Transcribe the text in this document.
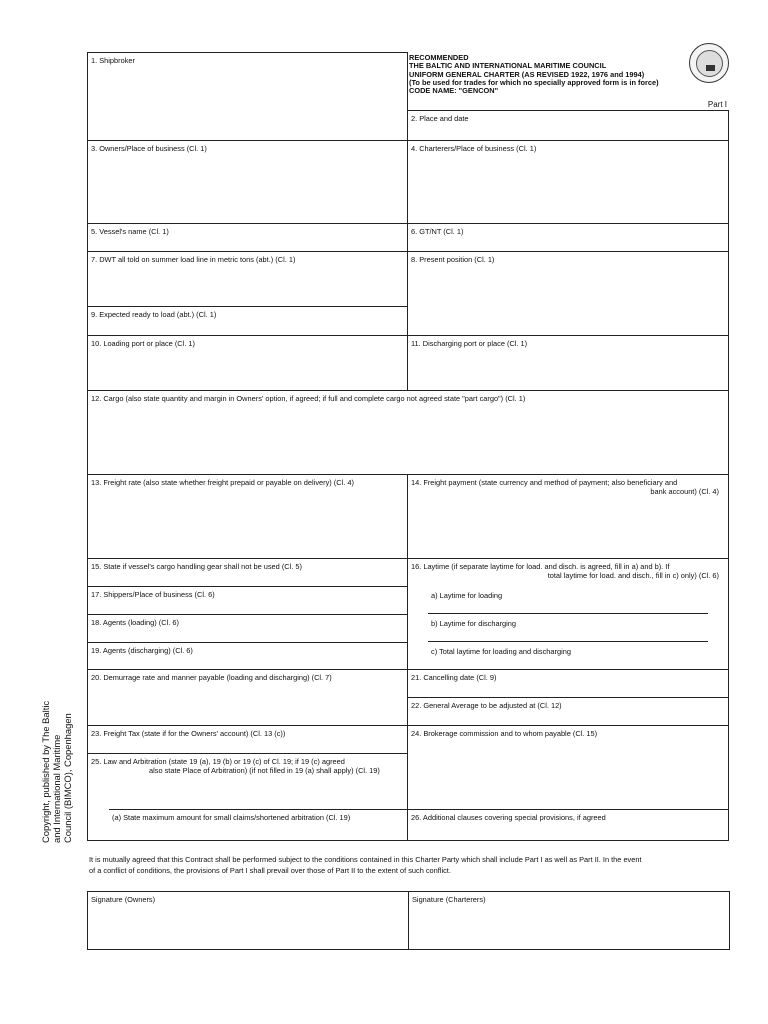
RECOMMENDED
THE BALTIC AND INTERNATIONAL MARITIME COUNCIL
UNIFORM GENERAL CHARTER (AS REVISED 1922, 1976 and 1994)
(To be used for trades for which no specially approved form is in force)
CODE NAME: "GENCON"
Part I
1. Shipbroker
2. Place and date
3. Owners/Place of business (Cl. 1)	4. Charterers/Place of business (Cl. 1)
5. Vessel's name (Cl. 1)	6. GT/NT (Cl. 1)
7. DWT all told on summer load line in metric tons (abt.) (Cl. 1)	8. Present position (Cl. 1)
9. Expected ready to load (abt.) (Cl. 1)
10. Loading port or place (Cl. 1)	11. Discharging port or place (Cl. 1)
12. Cargo (also state quantity and margin in Owners' option, if agreed; if full and complete cargo not agreed state "part cargo") (Cl. 1)
13. Freight rate (also state whether freight prepaid or payable on delivery) (Cl. 4)	14. Freight payment (state currency and method of payment; also beneficiary and
bank account) (Cl. 4)
15. State if vessel's cargo handling gear shall not be used (Cl. 5)	16. Laytime (if separate laytime for load. and disch. is agreed, fill in a) and b). If
total laytime for load. and disch., fill in c) only) (Cl. 6)
a) Laytime for loading
b) Laytime for discharging
c) Total laytime for loading and discharging
17. Shippers/Place of business (Cl. 6)
18. Agents (loading) (Cl. 6)
19. Agents (discharging) (Cl. 6)
20. Demurrage rate and manner payable (loading and discharging) (Cl. 7)	21. Cancelling date (Cl. 9)
22. General Average to be adjusted at (Cl. 12)
23. Freight Tax (state if for the Owners' account) (Cl. 13 (c))	24. Brokerage commission and to whom payable (Cl. 15)
25. Law and Arbitration (state 19 (a), 19 (b) or 19 (c) of Cl. 19; if 19 (c) agreed
also state Place of Arbitration) (if not filled in 19 (a) shall apply) (Cl. 19)
(a) State maximum amount for small claims/shortened arbitration (Cl. 19)	26. Additional clauses covering special provisions, if agreed
Copyright, published by The Baltic and International Maritime Council (BIMCO), Copenhagen
It is mutually agreed that this Contract shall be performed subject to the conditions contained in this Charter Party which shall include Part I as well as Part II. In the event
of a conflict of conditions, the provisions of Part I shall prevail over those of Part II to the extent of such conflict.
Signature (Owners)	Signature (Charterers)
